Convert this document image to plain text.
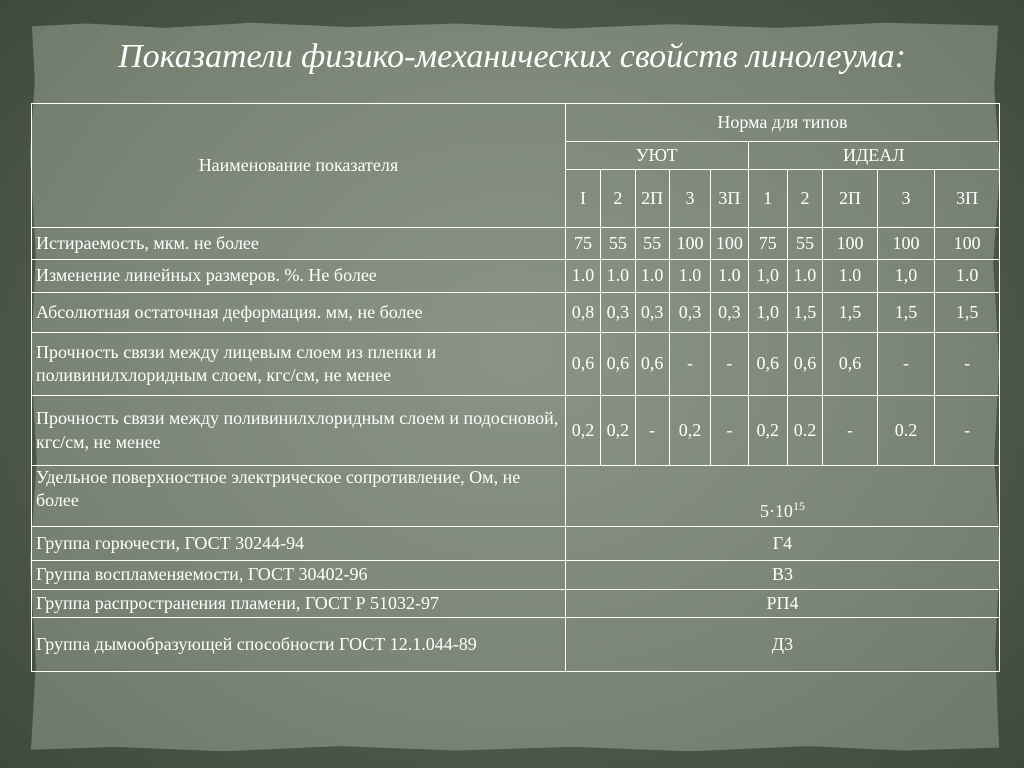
Показатели физико-механических свойств линолеума:
Наименование показателя	Норма для типов									
	УЮТ					ИДЕАЛ				
	I	2	2П	3	3П	1	2	2П	3	3П
Истираемость, мкм. не более	75	55	55	100	100	75	55	100	100	100
Изменение линейных размеров. %. Не более	1.0	1.0	1.0	1.0	1.0	1,0	1.0	1.0	1,0	1.0
Абсолютная остаточная деформация. мм, не более	0,8	0,3	0,3	0,3	0,3	1,0	1,5	1,5	1,5	1,5
Прочность связи между лицевым слоем из пленки и поливинилхлоридным слоем, кгс/см, не менее	0,6	0,6	0,6	-	-	0,6	0,6	0,6	-	-
Прочность связи между поливинилхлоридным слоем и подосновой, кгс/см, не менее	0,2	0,2	-	0,2	-	0,2	0.2	-	0.2	-
Удельное поверхностное электрическое сопротивление, Ом, не более	$5\cdot 10^{15}$
Группа горючести, ГОСТ 30244-94	Г4									
Группа воспламеняемости, ГОСТ 30402-96	В3									
Группа распространения пламени, ГОСТ Р 51032-97	РП4									
Группа дымообразующей способности ГОСТ 12.1.044-89	Д3									
